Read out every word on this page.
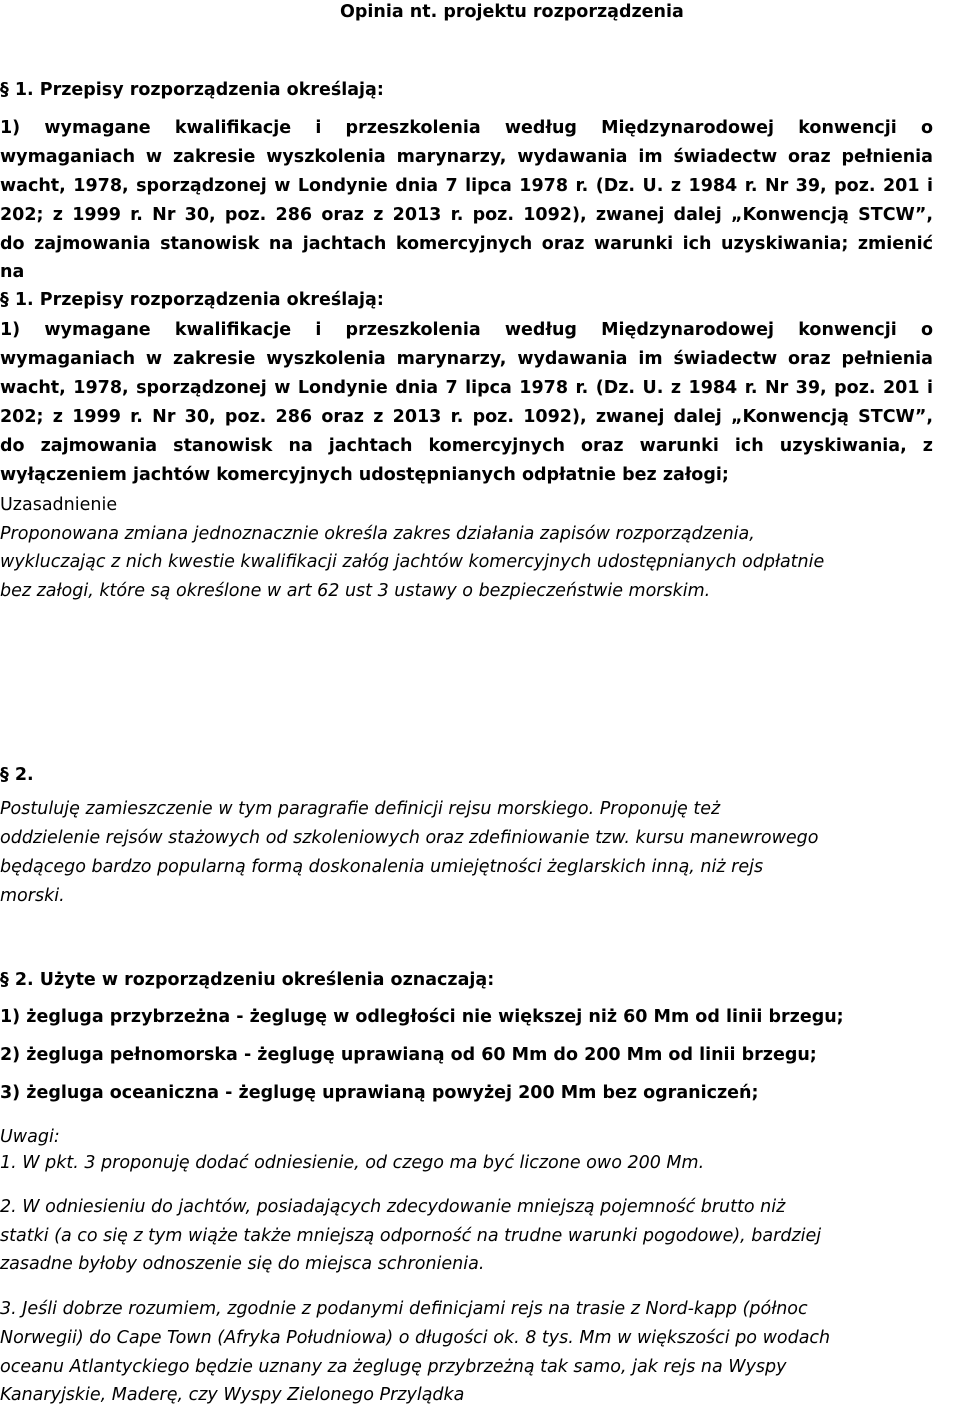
Opinia nt. projektu rozporządzenia
§ 1. Przepisy rozporządzenia określają:
1) wymagane kwalifikacje i przeszkolenia według Międzynarodowej konwencji o
wymaganiach w zakresie wyszkolenia marynarzy, wydawania im świadectw oraz pełnienia
wacht, 1978, sporządzonej w Londynie dnia 7 lipca 1978 r. (Dz. U. z 1984 r. Nr 39, poz. 201 i
202; z 1999 r. Nr 30, poz. 286 oraz z 2013 r. poz. 1092), zwanej dalej „Konwencją STCW”,
do zajmowania stanowisk na jachtach komercyjnych oraz warunki ich uzyskiwania; zmienić
na
§ 1. Przepisy rozporządzenia określają:
1) wymagane kwalifikacje i przeszkolenia według Międzynarodowej konwencji o
wymaganiach w zakresie wyszkolenia marynarzy, wydawania im świadectw oraz pełnienia
wacht, 1978, sporządzonej w Londynie dnia 7 lipca 1978 r. (Dz. U. z 1984 r. Nr 39, poz. 201 i
202; z 1999 r. Nr 30, poz. 286 oraz z 2013 r. poz. 1092), zwanej dalej „Konwencją STCW”,
do zajmowania stanowisk na jachtach komercyjnych oraz warunki ich uzyskiwania, z
wyłączeniem jachtów komercyjnych udostępnianych odpłatnie bez załogi;
Uzasadnienie
Proponowana zmiana jednoznacznie określa zakres działania zapisów rozporządzenia,
wykluczając z nich kwestie kwalifikacji załóg jachtów komercyjnych udostępnianych odpłatnie
bez załogi, które są określone w art 62 ust 3 ustawy o bezpieczeństwie morskim.
§ 2.
Postuluję zamieszczenie w tym paragrafie definicji rejsu morskiego. Proponuję też
oddzielenie rejsów stażowych od szkoleniowych oraz zdefiniowanie tzw. kursu manewrowego
będącego bardzo popularną formą doskonalenia umiejętności żeglarskich inną, niż rejs
morski.
§ 2. Użyte w rozporządzeniu określenia oznaczają:
1) żegluga przybrzeżna - żeglugę w odległości nie większej niż 60 Mm od linii brzegu;
2) żegluga pełnomorska - żeglugę uprawianą od 60 Mm do 200 Mm od linii brzegu;
3) żegluga oceaniczna - żeglugę uprawianą powyżej 200 Mm bez ograniczeń;
Uwagi:
1. W pkt. 3 proponuję dodać odniesienie, od czego ma być liczone owo 200 Mm.
2. W odniesieniu do jachtów, posiadających zdecydowanie mniejszą pojemność brutto niż
statki (a co się z tym wiąże także mniejszą odporność na trudne warunki pogodowe), bardziej
zasadne byłoby odnoszenie się do miejsca schronienia.
3. Jeśli dobrze rozumiem, zgodnie z podanymi definicjami rejs na trasie z Nord-kapp (północ
Norwegii) do Cape Town (Afryka Południowa) o długości ok. 8 tys. Mm w większości po wodach
oceanu Atlantyckiego będzie uznany za żeglugę przybrzeżną tak samo, jak rejs na Wyspy
Kanaryjskie, Maderę, czy Wyspy Zielonego Przylądka
